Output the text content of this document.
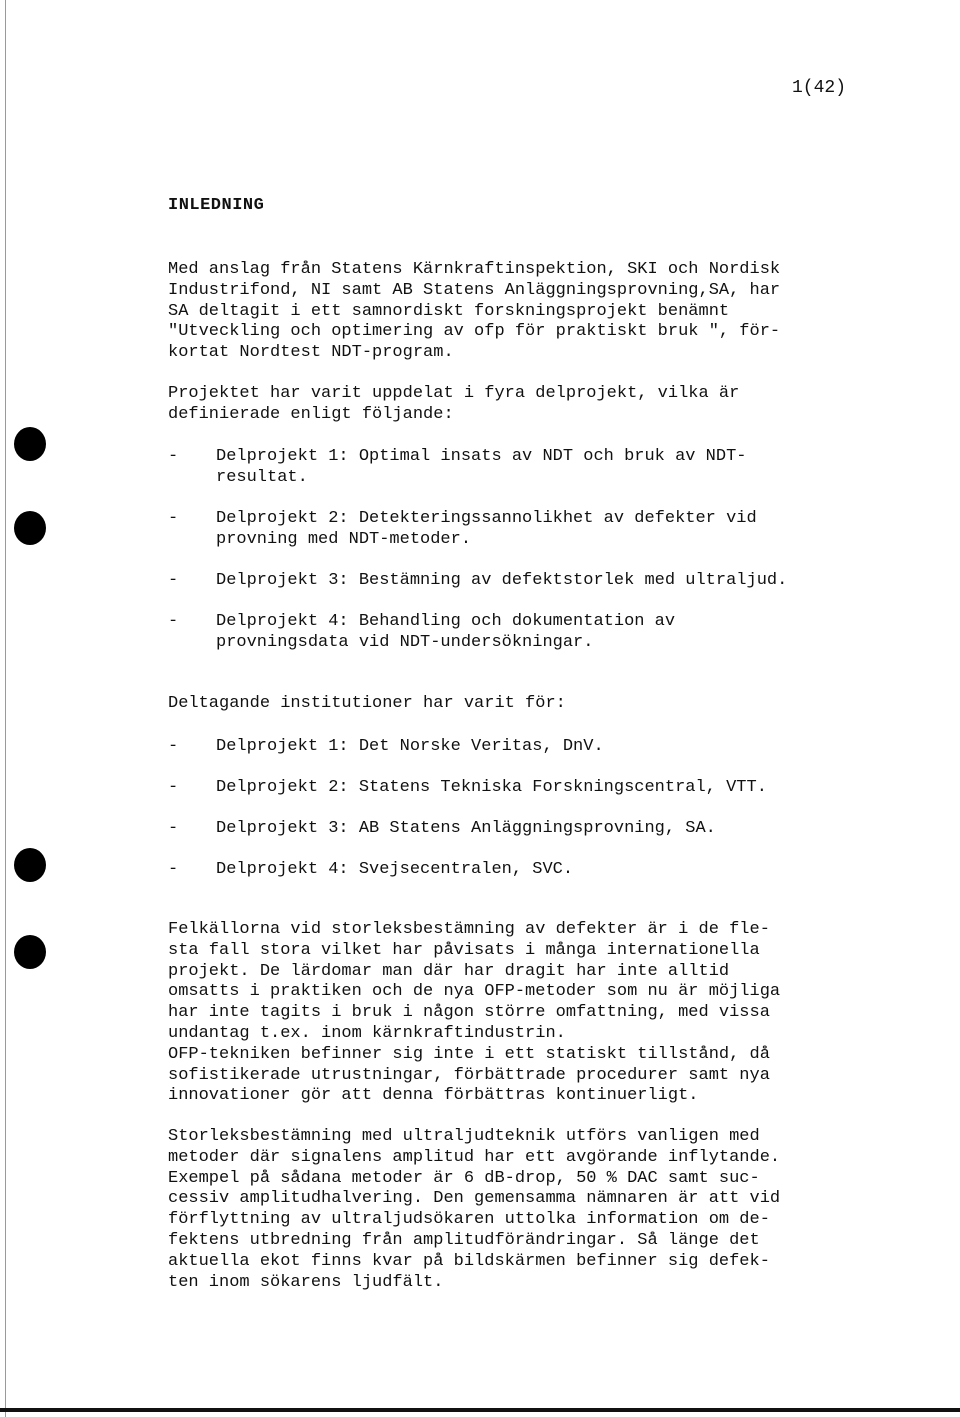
1(42)
INLEDNING

Med anslag från Statens Kärnkraftinspektion, SKI och Nordisk
Industrifond, NI samt AB Statens Anläggningsprovning,SA, har
SA deltagit i ett samnordiskt forskningsprojekt benämnt
"Utveckling och optimering av ofp för praktiskt bruk ", för-
kortat Nordtest NDT-program.

Projektet har varit uppdelat i fyra delprojekt, vilka är
definierade enligt följande:

-

Delprojekt 1: Optimal insats av NDT och bruk av NDT-
resultat.

-

Delprojekt 2: Detekteringssannolikhet av defekter vid
provning med NDT-metoder.

-

Delprojekt 3: Bestämning av defektstorlek med ultraljud.

-

Delprojekt 4: Behandling och dokumentation av
provningsdata vid NDT-undersökningar.

Deltagande institutioner har varit för:

-

Delprojekt 1: Det Norske Veritas, DnV.

-

Delprojekt 2: Statens Tekniska Forskningscentral, VTT.

-

Delprojekt 3: AB Statens Anläggningsprovning, SA.

-

Delprojekt 4: Svejsecentralen, SVC.

Felkällorna vid storleksbestämning av defekter är i de fle-
sta fall stora vilket har påvisats i många internationella
projekt. De lärdomar man där har dragit har inte alltid
omsatts i praktiken och de nya OFP-metoder som nu är möjliga
har inte tagits i bruk i någon större omfattning, med vissa
undantag t.ex. inom kärnkraftindustrin.
OFP-tekniken befinner sig inte i ett statiskt tillstånd, då
sofistikerade utrustningar, förbättrade procedurer samt nya
innovationer gör att denna förbättras kontinuerligt.

Storleksbestämning med ultraljudteknik utförs vanligen med
metoder där signalens amplitud har ett avgörande inflytande.
Exempel på sådana metoder är 6 dB-drop, 50 % DAC samt suc-
cessiv amplitudhalvering. Den gemensamma nämnaren är att vid
förflyttning av ultraljudsökaren uttolka information om de-
fektens utbredning från amplitudförändringar. Så länge det
aktuella ekot finns kvar på bildskärmen befinner sig defek-
ten inom sökarens ljudfält.
